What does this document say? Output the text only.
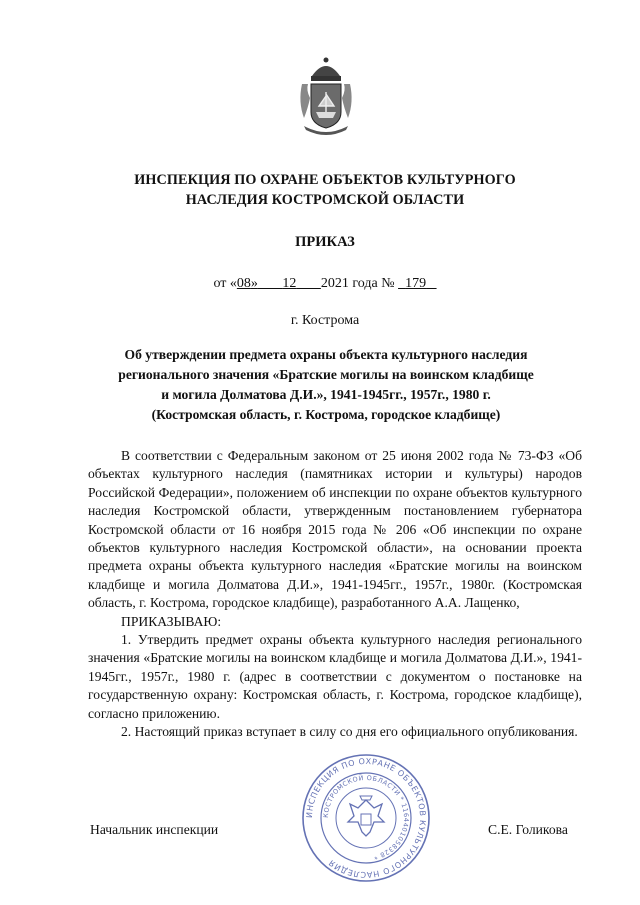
ИНСПЕКЦИЯ ПО ОХРАНЕ ОБЪЕКТОВ КУЛЬТУРНОГО
НАСЛЕДИЯ КОСТРОМСКОЙ ОБЛАСТИ
ПРИКАЗ
от «08» 12 2021 года № 179
г. Кострома
Об утверждении предмета охраны объекта культурного наследия
регионального значения «Братские могилы на воинском кладбище
и могила Долматова Д.И.», 1941-1945гг., 1957г., 1980 г.
(Костромская область, г. Кострома, городское кладбище)

В соответствии с Федеральным законом от 25 июня 2002 года № 73-ФЗ «Об объектах культурного наследия (памятниках истории и культуры) народов Российской Федерации», положением об инспекции по охране объектов культурного наследия Костромской области, утвержденным постановлением губернатора Костромской области от 16 ноября 2015 года № 206 «Об инспекции по охране объектов культурного наследия Костромской области», на основании проекта предмета охраны объекта культурного наследия «Братские могилы на воинском кладбище и могила Долматова Д.И.», 1941-1945гг., 1957г., 1980г. (Костромская область, г. Кострома, городское кладбище), разработанного А.А. Лащенко,

ПРИКАЗЫВАЮ:

1. Утвердить предмет охраны объекта культурного наследия регионального значения «Братские могилы на воинском кладбище и могила Долматова Д.И.», 1941-1945гг., 1957г., 1980 г. (адрес в соответствии с документом о постановке на государственную охрану: Костромская область, г. Кострома, городское кладбище), согласно приложению.

2. Настоящий приказ вступает в силу со дня его официального опубликования.

Начальник инспекции	С.Е. Голикова
ИНСПЕКЦИЯ ПО ОХРАНЕ ОБЪЕКТОВ КУЛЬТУРНОГО НАСЛЕДИЯ
КОСТРОМСКОЙ ОБЛАСТИ * 1164401058328 *
